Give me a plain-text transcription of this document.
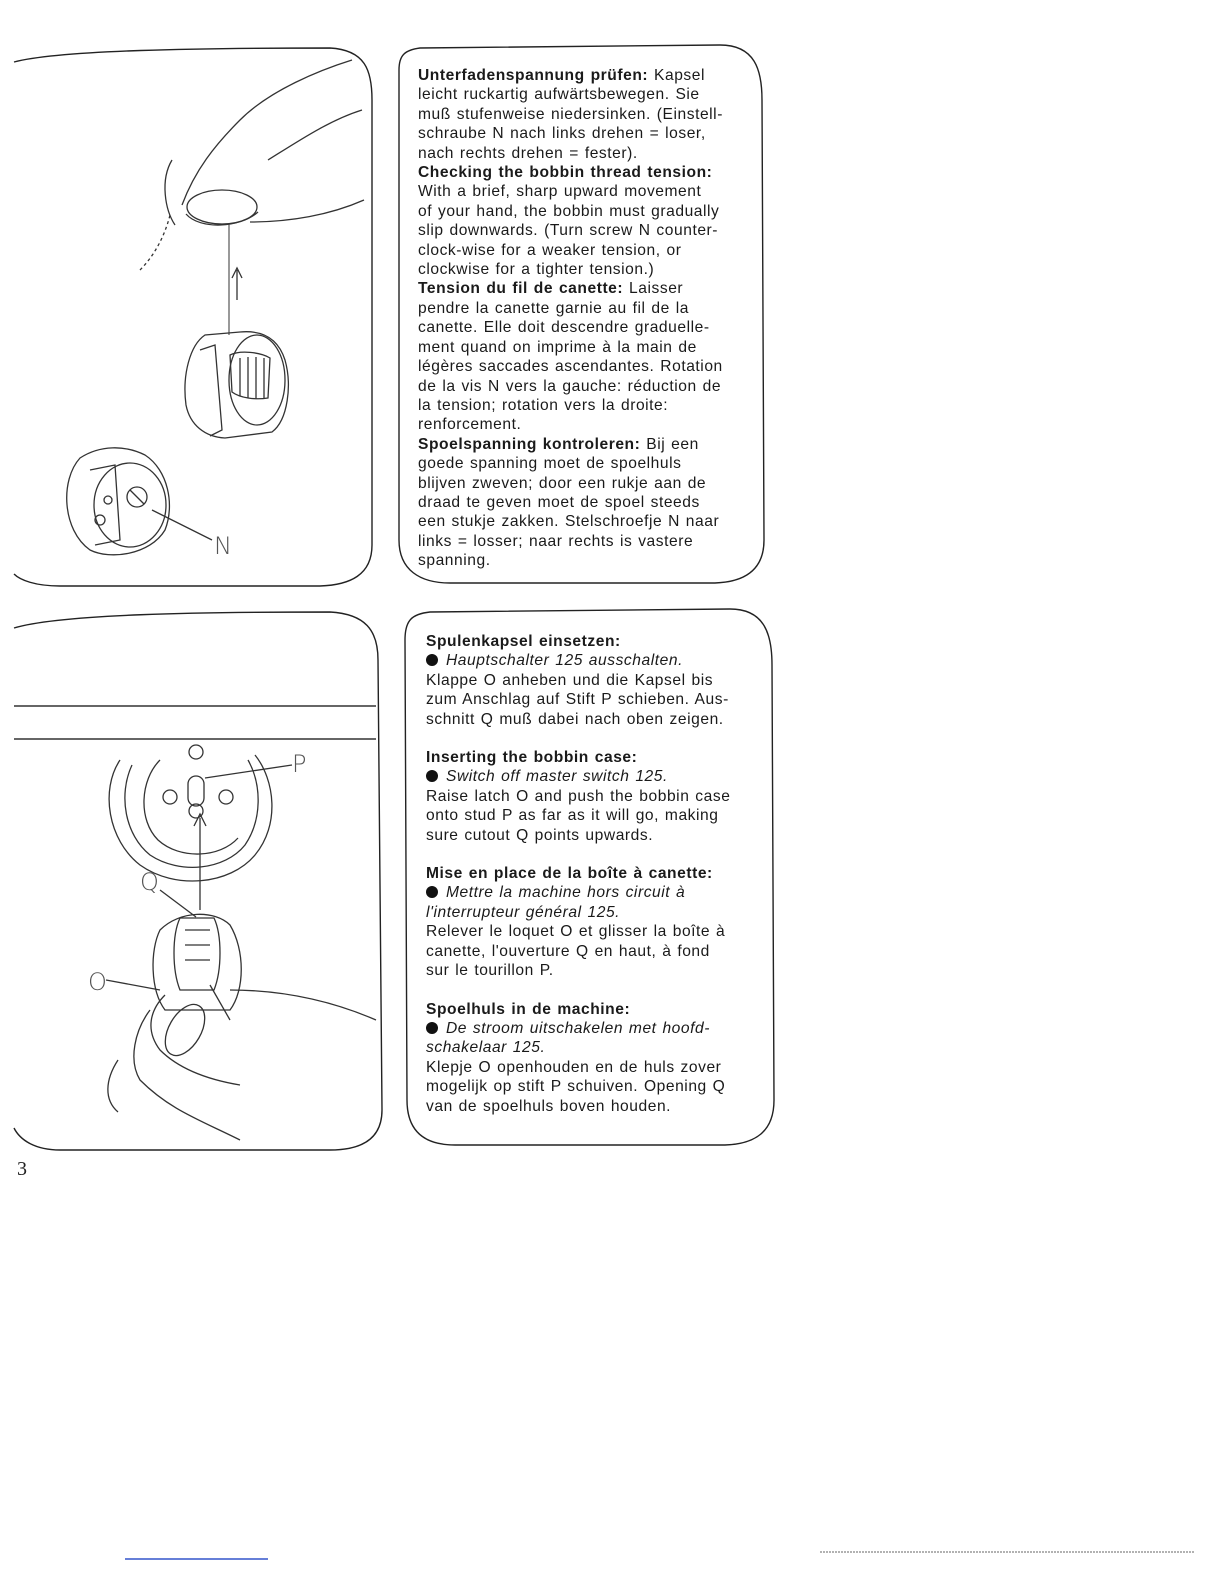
N
P
Q
O

Unterfadenspannung prüfen: Kapsel

leicht ruckartig aufwärtsbewegen. Sie

muß stufenweise niedersinken. (Einstell-

schraube N nach links drehen = loser,

nach rechts drehen = fester).

Checking the bobbin thread tension:

With a brief, sharp upward movement

of your hand, the bobbin must gradually

slip downwards. (Turn screw N counter-

clock-wise for a weaker tension, or

clockwise for a tighter tension.)

Tension du fil de canette: Laisser

pendre la canette garnie au fil de la

canette. Elle doit descendre graduelle-

ment quand on imprime à la main de

légères saccades ascendantes. Rotation

de la vis N vers la gauche: réduction de

la tension; rotation vers la droite:

renforcement.

Spoelspanning kontroleren: Bij een

goede spanning moet de spoelhuls

blijven zweven; door een rukje aan de

draad te geven moet de spoel steeds

een stukje zakken. Stelschroefje N naar

links = losser; naar rechts is vastere

spanning.

Spulenkapsel einsetzen:

Hauptschalter 125 ausschalten.

Klappe O anheben und die Kapsel bis

zum Anschlag auf Stift P schieben. Aus-

schnitt Q muß dabei nach oben zeigen.

Inserting the bobbin case:

Switch off master switch 125.

Raise latch O and push the bobbin case

onto stud P as far as it will go, making

sure cutout Q points upwards.

Mise en place de la boîte à canette:

Mettre la machine hors circuit à

l'interrupteur général 125.

Relever le loquet O et glisser la boîte à

canette, l'ouverture Q en haut, à fond

sur le tourillon P.

Spoelhuls in de machine:

De stroom uitschakelen met hoofd-

schakelaar 125.

Klepje O openhouden en de huls zover

mogelijk op stift P schuiven. Opening Q

van de spoelhuls boven houden.

3
